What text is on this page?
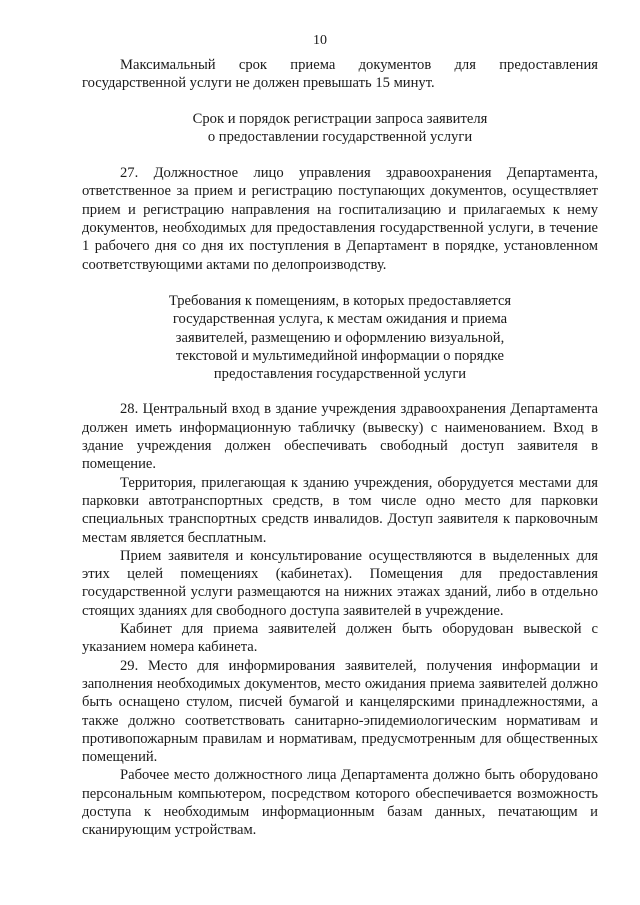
10

Максимальный срок приема документов для предоставления государственной услуги не должен превышать 15 минут.

Срок и порядок регистрации запроса заявителя
о предоставлении государственной услуги

27. Должностное лицо управления здравоохранения Департамента, ответственное за прием и регистрацию поступающих документов, осуществляет прием и регистрацию направления на госпитализацию и прилагаемых к нему документов, необходимых для предоставления государственной услуги, в течение 1 рабочего дня со дня их поступления в Департамент в порядке, установленном соответствующими актами по делопроизводству.

Требования к помещениям, в которых предоставляется
государственная услуга, к местам ожидания и приема
заявителей, размещению и оформлению визуальной,
текстовой и мультимедийной информации о порядке
предоставления государственной услуги

28. Центральный вход в здание учреждения здравоохранения Департамента должен иметь информационную табличку (вывеску) с наименованием. Вход в здание учреждения должен обеспечивать свободный доступ заявителя в помещение.

Территория, прилегающая к зданию учреждения, оборудуется местами для парковки автотранспортных средств, в том числе одно место для парковки специальных транспортных средств инвалидов. Доступ заявителя к парковочным местам является бесплатным.

Прием заявителя и консультирование осуществляются в выделенных для этих целей помещениях (кабинетах). Помещения для предоставления государственной услуги размещаются на нижних этажах зданий, либо в отдельно стоящих зданиях для свободного доступа заявителей в учреждение.

Кабинет для приема заявителей должен быть оборудован вывеской с указанием номера кабинета.

29. Место для информирования заявителей, получения информации и заполнения необходимых документов, место ожидания приема заявителей должно быть оснащено стулом, писчей бумагой и канцелярскими принадлежностями, а также должно соответствовать санитарно-эпидемиологическим нормативам и противопожарным правилам и нормативам, предусмотренным для общественных помещений.

Рабочее место должностного лица Департамента должно быть оборудовано персональным компьютером, посредством которого обеспечивается возможность доступа к необходимым информационным базам данных, печатающим и сканирующим устройствам.
